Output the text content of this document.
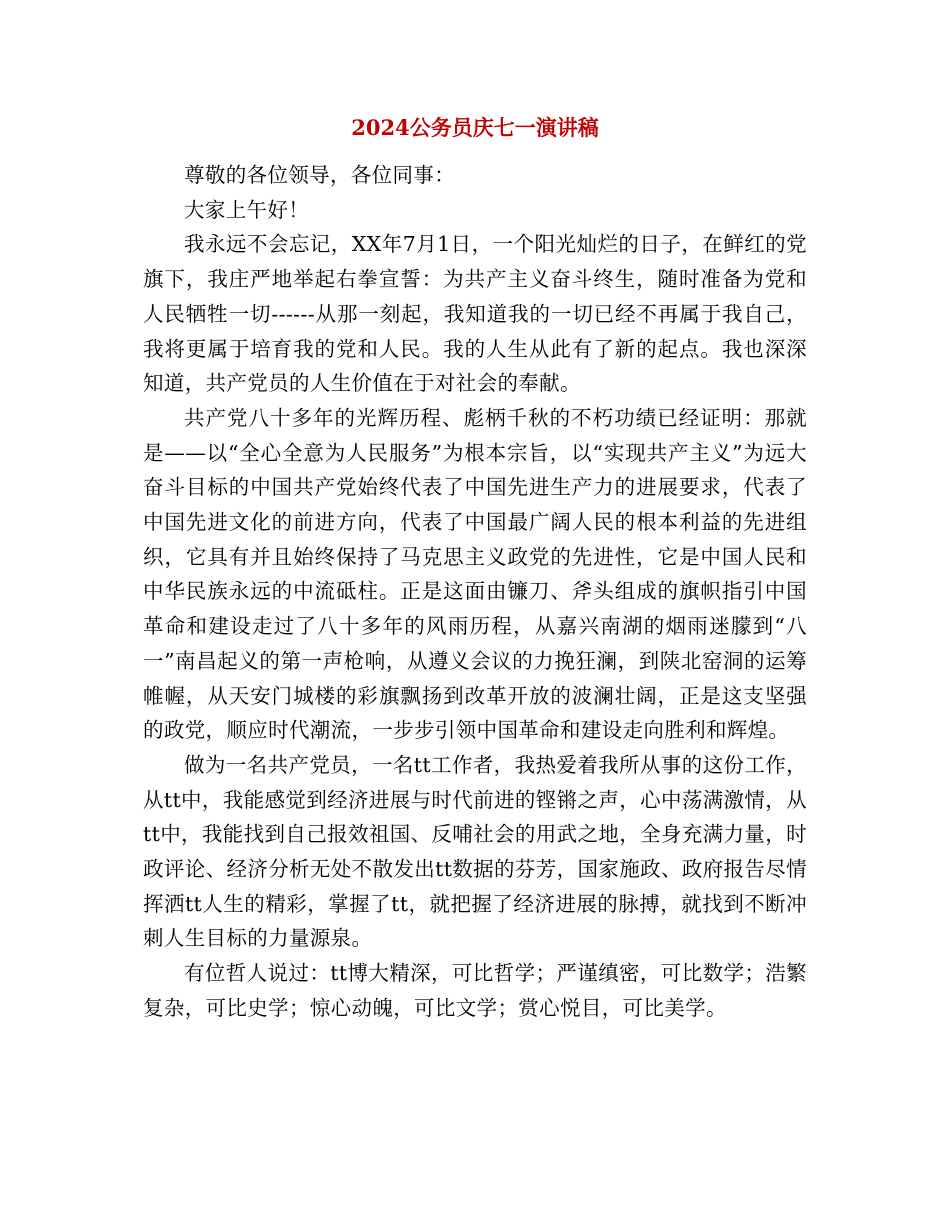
2024公务员庆七一演讲稿

尊敬的各位领导，各位同事：

大家上午好！

我永远不会忘记，XX年7月1日，一个阳光灿烂的日子，在鲜红的党旗下，我庄严地举起右拳宣誓：为共产主义奋斗终生，随时准备为党和人民牺牲一切------从那一刻起，我知道我的一切已经不再属于我自己，我将更属于培育我的党和人民。我的人生从此有了新的起点。我也深深知道，共产党员的人生价值在于对社会的奉献。

共产党八十多年的光辉历程、彪柄千秋的不朽功绩已经证明：那就是——以“全心全意为人民服务”为根本宗旨，以“实现共产主义”为远大奋斗目标的中国共产党始终代表了中国先进生产力的进展要求，代表了中国先进文化的前进方向，代表了中国最广阔人民的根本利益的先进组织，它具有并且始终保持了马克思主义政党的先进性，它是中国人民和中华民族永远的中流砥柱。正是这面由镰刀、斧头组成的旗帜指引中国革命和建设走过了八十多年的风雨历程，从嘉兴南湖的烟雨迷朦到“八一”南昌起义的第一声枪响，从遵义会议的力挽狂澜，到陕北窑洞的运筹帷幄，从天安门城楼的彩旗飘扬到改革开放的波澜壮阔，正是这支坚强的政党，顺应时代潮流，一步步引领中国革命和建设走向胜利和辉煌。

做为一名共产党员，一名tt工作者，我热爱着我所从事的这份工作，从tt中，我能感觉到经济进展与时代前进的铿锵之声，心中荡满激情，从tt中，我能找到自己报效祖国、反哺社会的用武之地，全身充满力量，时政评论、经济分析无处不散发出tt数据的芬芳，国家施政、政府报告尽情挥洒tt人生的精彩，掌握了tt，就把握了经济进展的脉搏，就找到不断冲刺人生目标的力量源泉。

有位哲人说过：tt博大精深，可比哲学；严谨缜密，可比数学；浩繁复杂，可比史学；惊心动魄，可比文学；赏心悦目，可比美学。
